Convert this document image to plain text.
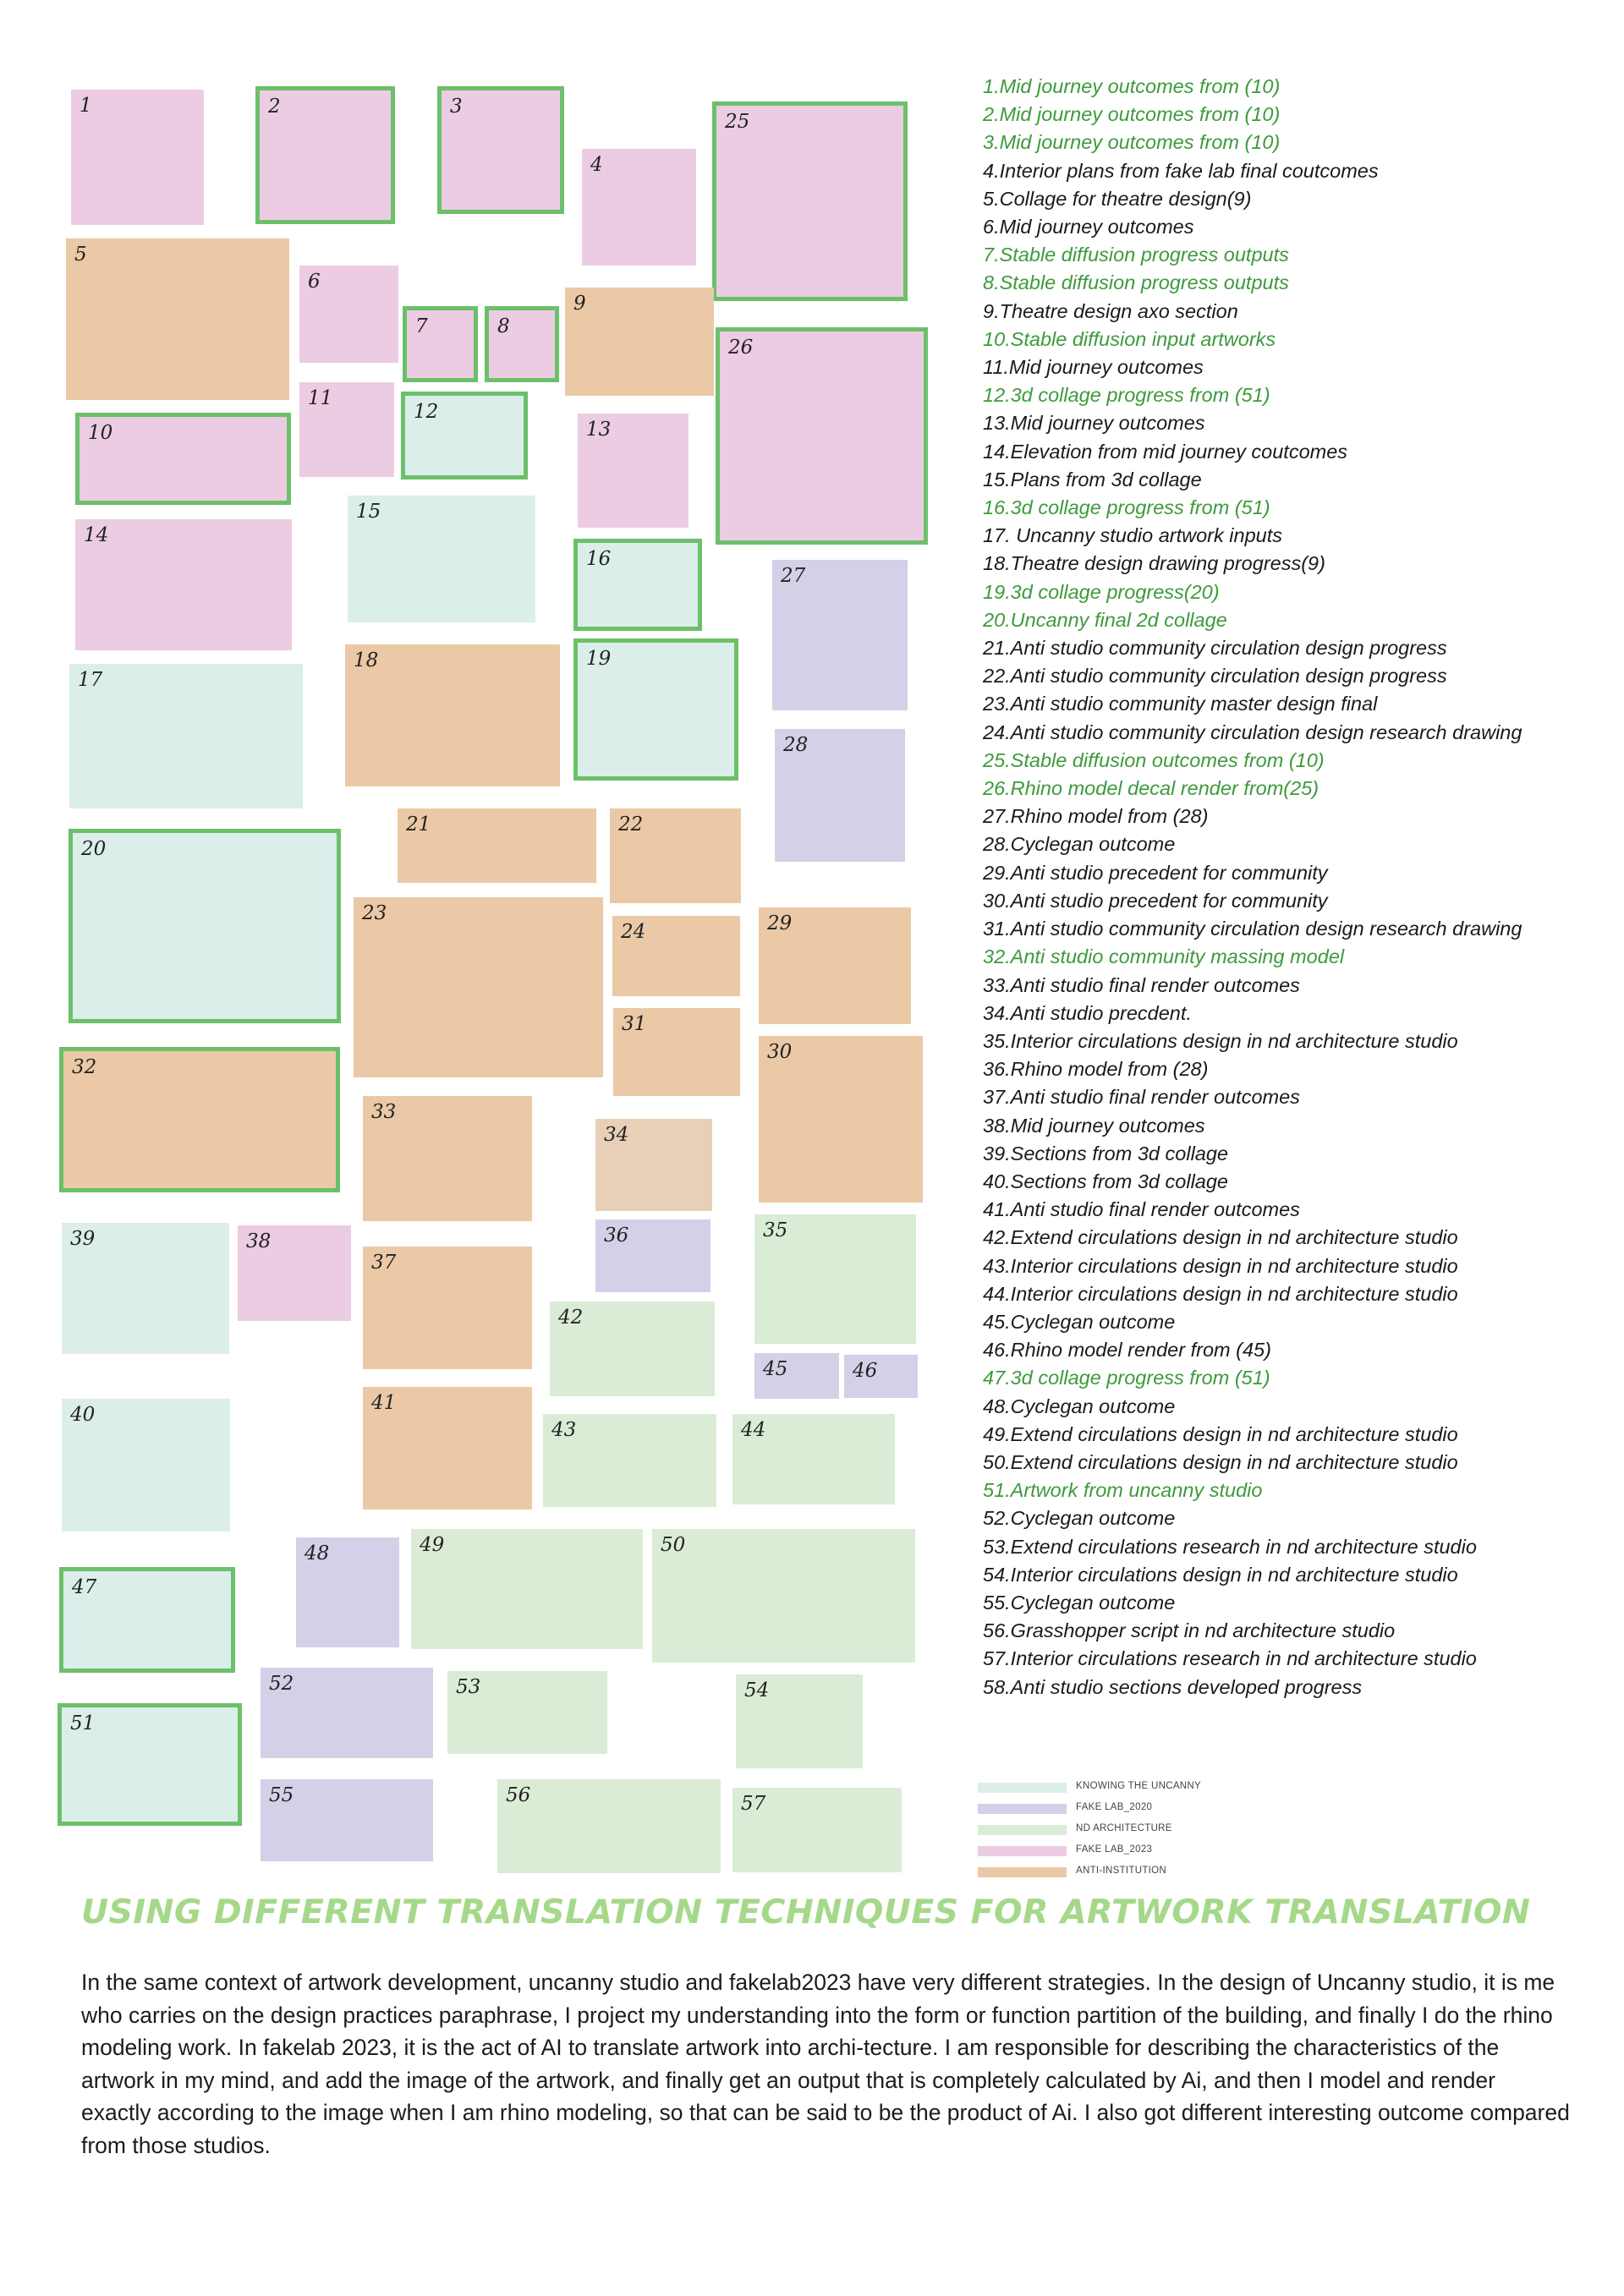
1	2	3
4
25
5
6
7	8
9
26
10
11
12
13
14
15
16
27
17
18	19
28
20
21	22
23
24	29
31
30
32
33
34
39	38	36	35
37
42
45	46
40
41
43	44
48	49	50
47
52	53	54
51
55	56	57
1.Mid journey outcomes from (10)
2.Mid journey outcomes from (10)
3.Mid journey outcomes from (10)
4.Interior plans from fake lab final coutcomes
5.Collage for theatre design(9)
6.Mid journey outcomes
7.Stable diffusion progress outputs
8.Stable diffusion progress outputs
9.Theatre design axo section
10.Stable diffusion input artworks
11.Mid journey outcomes
12.3d collage progress from (51)
13.Mid journey outcomes
14.Elevation from mid journey coutcomes
15.Plans from 3d collage
16.3d collage progress from (51)
17. Uncanny studio artwork inputs
18.Theatre design drawing progress(9)
19.3d collage progress(20)
20.Uncanny final 2d collage
21.Anti studio community circulation design progress
22.Anti studio community circulation design progress
23.Anti studio community master design final
24.Anti studio community circulation design research drawing
25.Stable diffusion outcomes from (10)
26.Rhino model decal render from(25)
27.Rhino model from (28)
28.Cyclegan outcome
29.Anti studio precedent for community
30.Anti studio precedent for community
31.Anti studio community circulation design research drawing
32.Anti studio community massing model
33.Anti studio final render outcomes
34.Anti studio precdent.
35.Interior circulations design in nd architecture studio
36.Rhino model from (28)
37.Anti studio final render outcomes
38.Mid journey outcomes
39.Sections from 3d collage
40.Sections from 3d collage
41.Anti studio final render outcomes
42.Extend circulations design in nd architecture studio
43.Interior circulations design in nd architecture studio
44.Interior circulations design in nd architecture studio
45.Cyclegan outcome
46.Rhino model render from (45)
47.3d collage progress from (51)
48.Cyclegan outcome
49.Extend circulations design in nd architecture studio
50.Extend circulations design in nd architecture studio
51.Artwork from uncanny studio
52.Cyclegan outcome
53.Extend circulations research in nd architecture studio
54.Interior circulations design in nd architecture studio
55.Cyclegan outcome
56.Grasshopper script in nd architecture studio
57.Interior circulations research in nd architecture studio
58.Anti studio sections developed progress
KNOWING THE UNCANNY
FAKE LAB_2020
ND ARCHITECTURE
FAKE LAB_2023
ANTI-INSTITUTION
USING DIFFERENT TRANSLATION TECHNIQUES FOR ARTWORK TRANSLATION

In the same context of artwork development, uncanny studio and fakelab2023 have very different strategies. In the design of Uncanny studio, it is me who carries on the design practices paraphrase, I project my understanding into the form or function partition of the building, and finally I do the rhino modeling work. In fakelab 2023, it is the act of AI to translate artwork into archi-tecture. I am responsible for describing the characteristics of the artwork in my mind, and add the image of the artwork, and finally get an output that is completely calculated by Ai, and then I model and render exactly according to the image when I am rhino modeling, so that can be said to be the product of Ai. I also got different interesting outcome compared from those studios.
